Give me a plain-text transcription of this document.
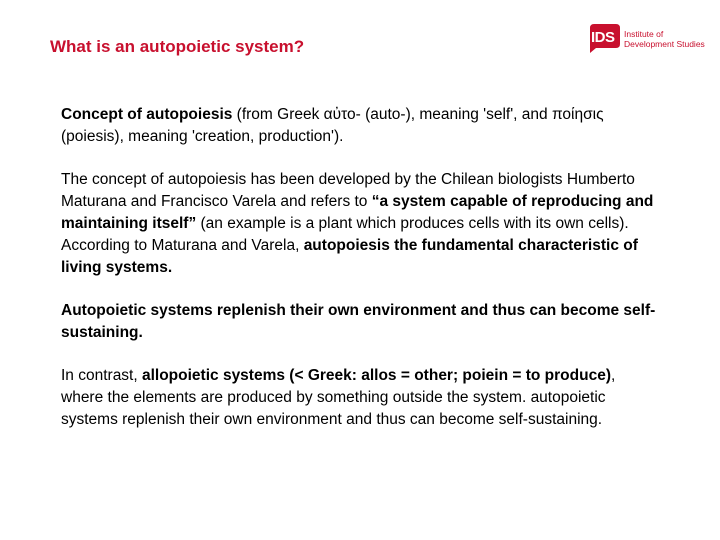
What is an autopoietic system?	IDS Institute of
Development Studies

Concept of autopoiesis (from Greek αὐτο- (auto-), meaning 'self', and ποίησις (poiesis), meaning 'creation, production').

The concept of autopoiesis has been developed by the Chilean biologists Humberto Maturana and Francisco Varela and refers to “a system capable of reproducing and maintaining itself” (an example is a plant which produces cells with its own cells). According to Maturana and Varela, autopoiesis the fundamental characteristic of living systems.

Autopoietic systems replenish their own environment and thus can become self-sustaining.

In contrast, allopoietic systems (< Greek: allos = other; poiein = to produce), where the elements are produced by something outside the system. autopoietic systems replenish their own environment and thus can become self-sustaining.
